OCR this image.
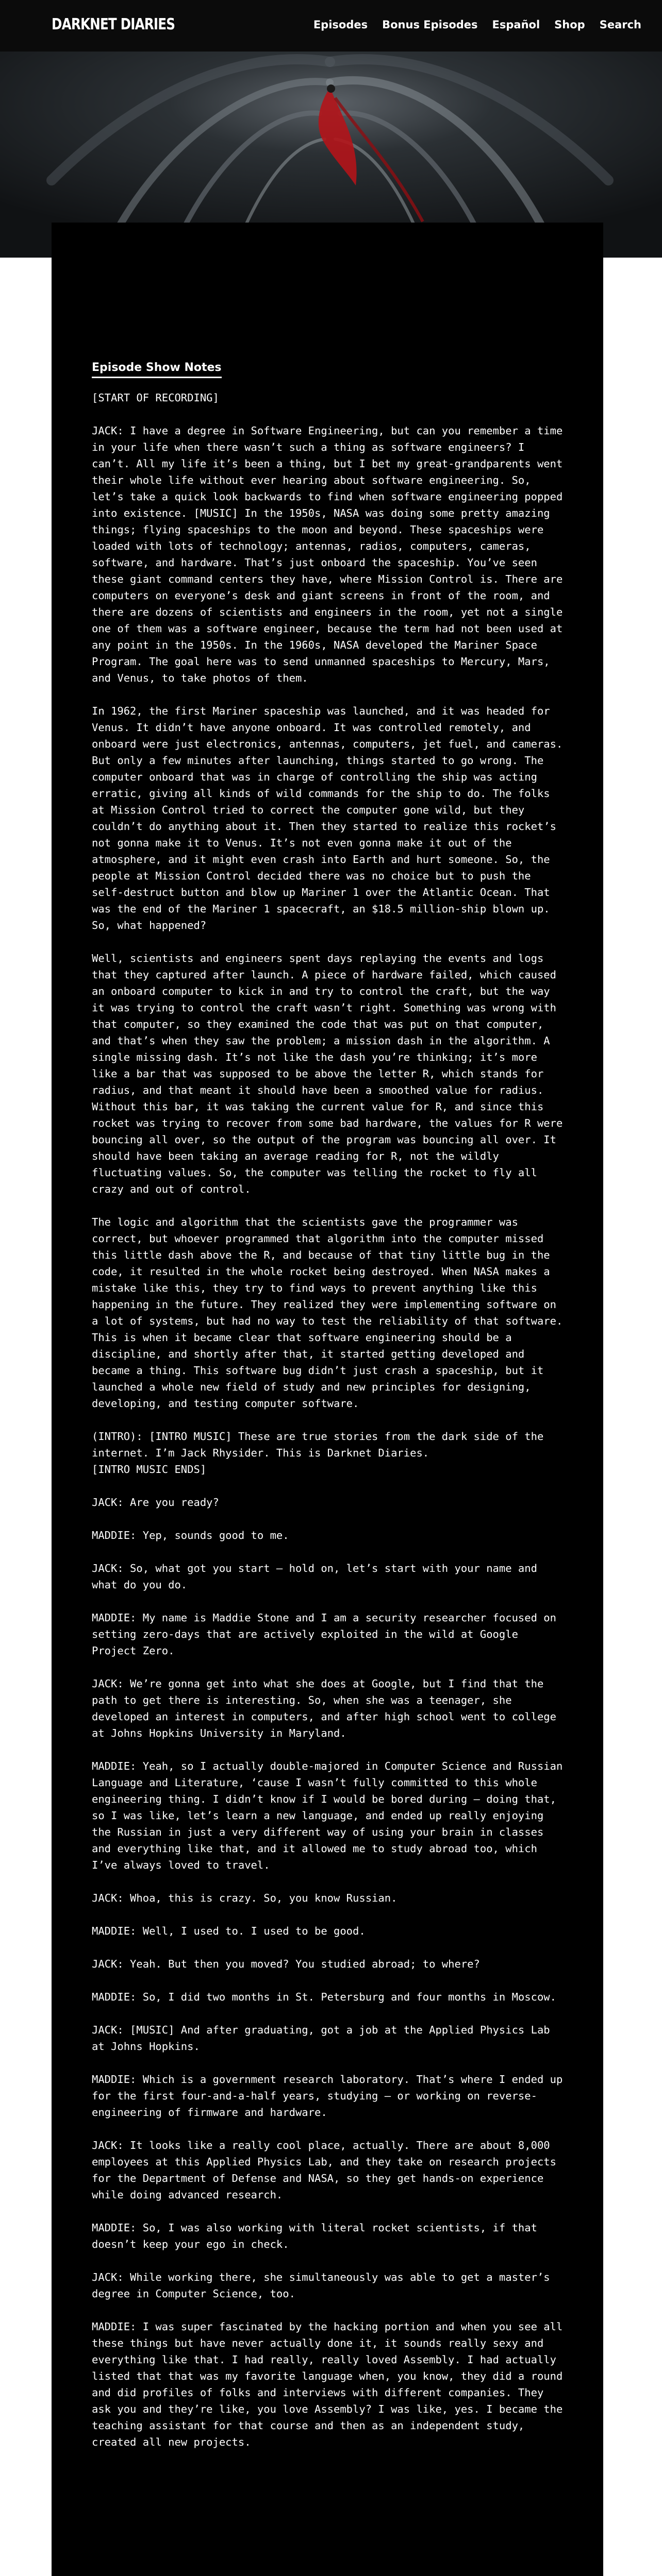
DARKNET DIARIES	Episodes Bonus Episodes Español Shop Search
Episode Show Notes

[START OF RECORDING]

JACK: I have a degree in Software Engineering, but can you remember a time in your life when there wasn’t such a thing as software engineers? I can’t. All my life it’s been a thing, but I bet my great-grandparents went their whole life without ever hearing about software engineering. So, let’s take a quick look backwards to find when software engineering popped into existence. [MUSIC] In the 1950s, NASA was doing some pretty amazing things; flying spaceships to the moon and beyond. These spaceships were loaded with lots of technology; antennas, radios, computers, cameras, software, and hardware. That’s just onboard the spaceship. You’ve seen these giant command centers they have, where Mission Control is. There are computers on everyone’s desk and giant screens in front of the room, and there are dozens of scientists and engineers in the room, yet not a single one of them was a software engineer, because the term had not been used at any point in the 1950s. In the 1960s, NASA developed the Mariner Space Program. The goal here was to send unmanned spaceships to Mercury, Mars, and Venus, to take photos of them.

In 1962, the first Mariner spaceship was launched, and it was headed for Venus. It didn’t have anyone onboard. It was controlled remotely, and onboard were just electronics, antennas, computers, jet fuel, and cameras. But only a few minutes after launching, things started to go wrong. The computer onboard that was in charge of controlling the ship was acting erratic, giving all kinds of wild commands for the ship to do. The folks at Mission Control tried to correct the computer gone wild, but they couldn’t do anything about it. Then they started to realize this rocket’s not gonna make it to Venus. It’s not even gonna make it out of the atmosphere, and it might even crash into Earth and hurt someone. So, the people at Mission Control decided there was no choice but to push the self-destruct button and blow up Mariner 1 over the Atlantic Ocean. That was the end of the Mariner 1 spacecraft, an $18.5 million-ship blown up. So, what happened?

Well, scientists and engineers spent days replaying the events and logs that they captured after launch. A piece of hardware failed, which caused an onboard computer to kick in and try to control the craft, but the way it was trying to control the craft wasn’t right. Something was wrong with that computer, so they examined the code that was put on that computer, and that’s when they saw the problem; a mission dash in the algorithm. A single missing dash. It’s not like the dash you’re thinking; it’s more like a bar that was supposed to be above the letter R, which stands for radius, and that meant it should have been a smoothed value for radius. Without this bar, it was taking the current value for R, and since this rocket was trying to recover from some bad hardware, the values for R were bouncing all over, so the output of the program was bouncing all over. It should have been taking an average reading for R, not the wildly fluctuating values. So, the computer was telling the rocket to fly all crazy and out of control.

The logic and algorithm that the scientists gave the programmer was correct, but whoever programmed that algorithm into the computer missed this little dash above the R, and because of that tiny little bug in the code, it resulted in the whole rocket being destroyed. When NASA makes a mistake like this, they try to find ways to prevent anything like this happening in the future. They realized they were implementing software on a lot of systems, but had no way to test the reliability of that software. This is when it became clear that software engineering should be a discipline, and shortly after that, it started getting developed and became a thing. This software bug didn’t just crash a spaceship, but it launched a whole new field of study and new principles for designing, developing, and testing computer software.

(INTRO): [INTRO MUSIC] These are true stories from the dark side of the internet. I’m Jack Rhysider. This is Darknet Diaries.

[INTRO MUSIC ENDS]

JACK: Are you ready?

MADDIE: Yep, sounds good to me.

JACK: So, what got you start – hold on, let’s start with your name and what do you do.

MADDIE: My name is Maddie Stone and I am a security researcher focused on setting zero-days that are actively exploited in the wild at Google Project Zero.

JACK: We’re gonna get into what she does at Google, but I find that the path to get there is interesting. So, when she was a teenager, she developed an interest in computers, and after high school went to college at Johns Hopkins University in Maryland.

MADDIE: Yeah, so I actually double-majored in Computer Science and Russian Language and Literature, ‘cause I wasn’t fully committed to this whole engineering thing. I didn’t know if I would be bored during – doing that, so I was like, let’s learn a new language, and ended up really enjoying the Russian in just a very different way of using your brain in classes and everything like that, and it allowed me to study abroad too, which I’ve always loved to travel.

JACK: Whoa, this is crazy. So, you know Russian.

MADDIE: Well, I used to. I used to be good.

JACK: Yeah. But then you moved? You studied abroad; to where?

MADDIE: So, I did two months in St. Petersburg and four months in Moscow.

JACK: [MUSIC] And after graduating, got a job at the Applied Physics Lab at Johns Hopkins.

MADDIE: Which is a government research laboratory. That’s where I ended up for the first four-and-a-half years, studying – or working on reverse-engineering of firmware and hardware.

JACK: It looks like a really cool place, actually. There are about 8,000 employees at this Applied Physics Lab, and they take on research projects for the Department of Defense and NASA, so they get hands-on experience while doing advanced research.

MADDIE: So, I was also working with literal rocket scientists, if that doesn’t keep your ego in check.

JACK: While working there, she simultaneously was able to get a master’s degree in Computer Science, too.

MADDIE: I was super fascinated by the hacking portion and when you see all these things but have never actually done it, it sounds really sexy and everything like that. I had really, really loved Assembly. I had actually listed that that was my favorite language when, you know, they did a round and did profiles of folks and interviews with different companies. They ask you and they’re like, you love Assembly? I was like, yes. I became the teaching assistant for that course and then as an independent study, created all new projects.
